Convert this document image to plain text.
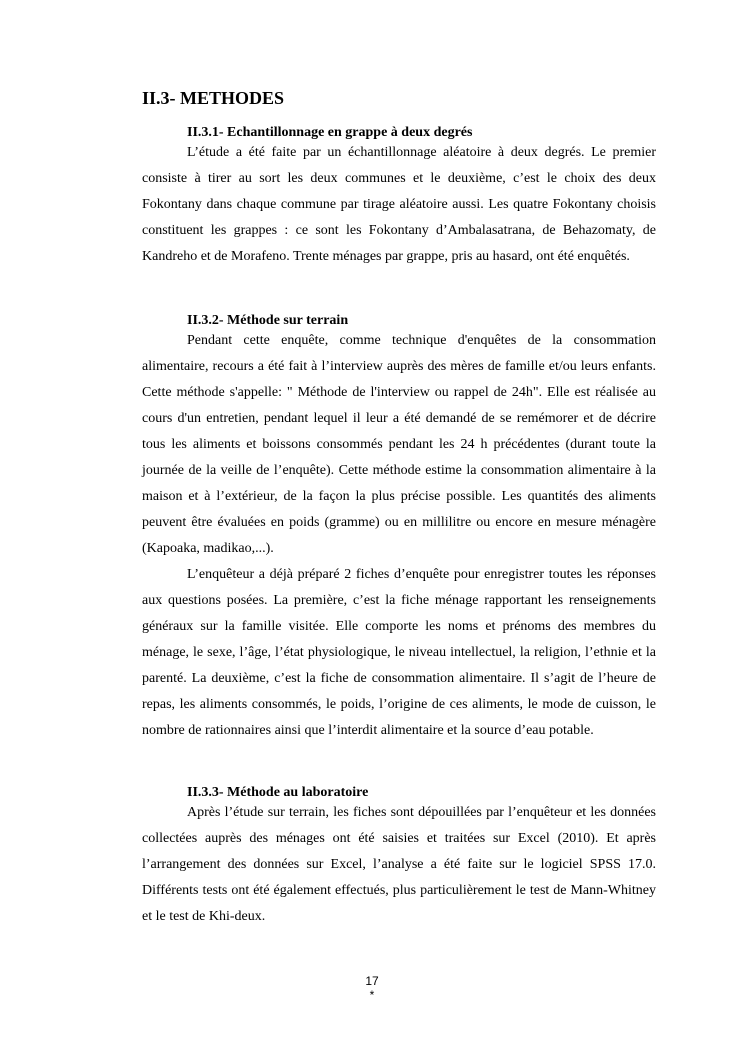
II.3- METHODES
II.3.1- Echantillonnage en grappe à deux degrés

L’étude a été faite par un échantillonnage aléatoire à deux degrés. Le premier consiste à tirer au sort les deux communes et le deuxième, c’est le choix des deux Fokontany dans chaque commune par tirage aléatoire aussi. Les quatre Fokontany choisis constituent les grappes : ce sont les Fokontany d’Ambalasatrana, de Behazomaty, de Kandreho et de Morafeno. Trente ménages par grappe, pris au hasard, ont été enquêtés.

II.3.2- Méthode sur terrain

Pendant cette enquête, comme technique d'enquêtes de la consommation alimentaire, recours a été fait à l’interview auprès des mères de famille et/ou leurs enfants. Cette méthode s'appelle: " Méthode de l'interview ou rappel de 24h". Elle est réalisée au cours d'un entretien, pendant lequel il leur a été demandé de se remémorer et de décrire tous les aliments et boissons consommés pendant les 24 h précédentes (durant toute la journée de la veille de l’enquête). Cette méthode estime la consommation alimentaire à la maison et à l’extérieur, de la façon la plus précise possible. Les quantités des aliments peuvent être évaluées en poids (gramme) ou en millilitre ou encore en mesure ménagère (Kapoaka, madikao,...).

L’enquêteur a déjà préparé 2 fiches d’enquête pour enregistrer toutes les réponses aux questions posées. La première, c’est la fiche ménage rapportant les renseignements généraux sur la famille visitée. Elle comporte les noms et prénoms des membres du ménage, le sexe, l’âge, l’état physiologique, le niveau intellectuel, la religion, l’ethnie et la parenté. La deuxième, c’est la fiche de consommation alimentaire. Il s’agit de l’heure de repas, les aliments consommés, le poids, l’origine de ces aliments, le mode de cuisson, le nombre de rationnaires ainsi que l’interdit alimentaire et la source d’eau potable.

II.3.3- Méthode au laboratoire

Après l’étude sur terrain, les fiches sont dépouillées par l’enquêteur et les données collectées auprès des ménages ont été saisies et traitées sur Excel (2010). Et après l’arrangement des données sur Excel, l’analyse a été faite sur le logiciel SPSS 17.0. Différents tests ont été également effectués, plus particulièrement le test de Mann-Whitney et le test de Khi-deux.

17
*
